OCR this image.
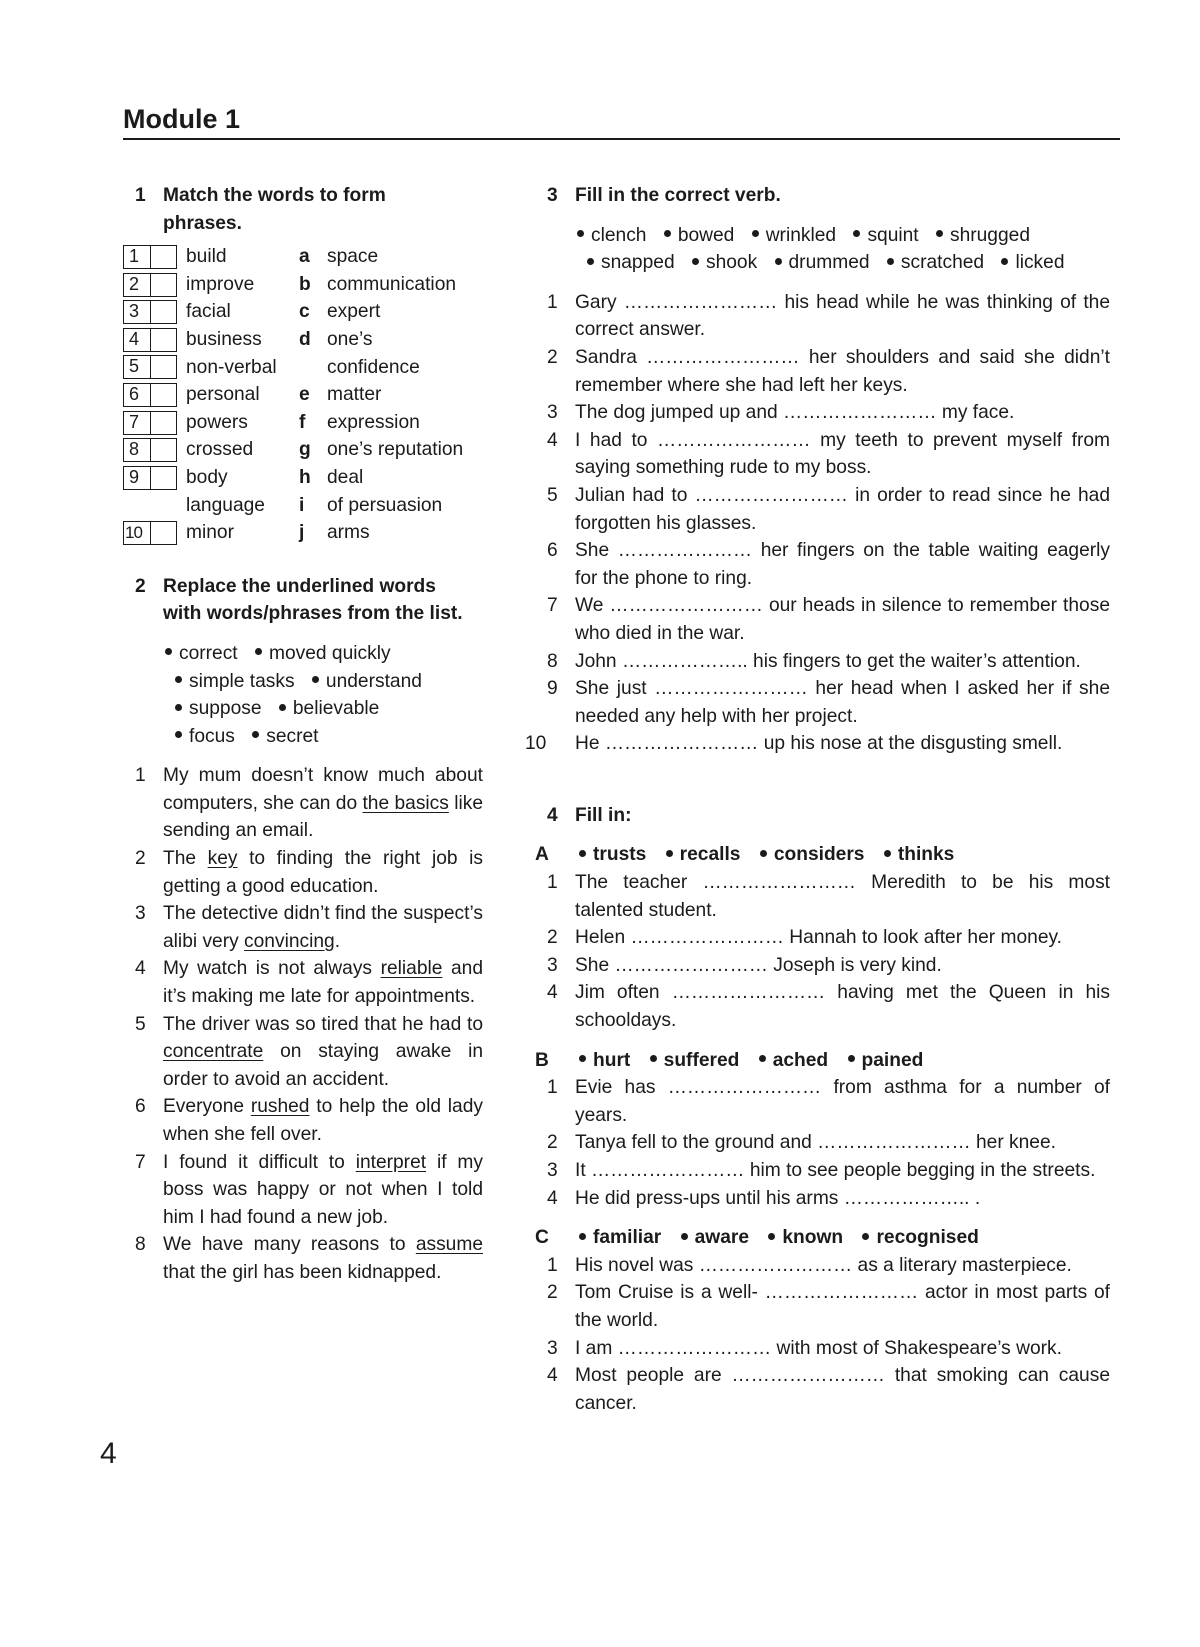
Module 1
1 Match the words to form phrases.
1	build	a space
2	improve	b communication
3	facial	c expert
4	business	d one’s
5	non-verbal	confidence
6	personal	e matter
7	powers	f	expression
8	crossed	g one’s reputation
9	body	h deal
language	i	of persuasion
10	minor	j	arms
2 Replace the underlined words with words/phrases from the list.
correct moved quickly simple tasks understand suppose believable focus secret
1 My mum doesn’t know much about computers, she can do the basics like sending an email.
2 The key to finding the right job is getting a good education.
3 The detective didn’t find the suspect’s alibi very convincing.
4 My watch is not always reliable and it’s making me late for appointments.
5 The driver was so tired that he had to concentrate on staying awake in order to avoid an accident.
6 Everyone rushed to help the old lady when she fell over.
7 I found it difficult to interpret if my boss was happy or not when I told him I had found a new job.
8 We have many reasons to assume that the girl has been kidnapped.
3 Fill in the correct verb.
clench bowed wrinkled squint shrugged snapped shook drummed scratched licked
1 Gary …………………… his head while he was thinking of the correct answer.
2 Sandra …………………… her shoulders and said she didn’t remember where she had left her keys.
3 The dog jumped up and …………………… my face.
4 I had to …………………… my teeth to prevent myself from saying something rude to my boss.
5 Julian had to …………………… in order to read since he had forgotten his glasses.
6 She ………………… her fingers on the table waiting eagerly for the phone to ring.
7 We …………………… our heads in silence to remember those who died in the war.
8 John ……………….. his fingers to get the waiter’s attention.
9 She just …………………… her head when I asked her if she needed any help with her project.
10	He …………………… up his nose at the disgusting smell.
4 Fill in:
A	trusts recalls considers thinks
1 The teacher …………………… Meredith to be his most talented student.
2 Helen …………………… Hannah to look after her money.
3 She …………………… Joseph is very kind.
4 Jim often …………………… having met the Queen in his schooldays.
B	hurt suffered ached pained
1 Evie has …………………… from asthma for a number of years.
2 Tanya fell to the ground and …………………… her knee.
3 It …………………… him to see people begging in the streets.
4 He did press-ups until his arms ……………….. .
C	familiar aware known recognised
1 His novel was …………………… as a literary masterpiece.
2 Tom Cruise is a well- …………………… actor in most parts of the world.
3 I am …………………… with most of Shakespeare’s work.
4 Most people are …………………… that smoking can cause cancer.
4
